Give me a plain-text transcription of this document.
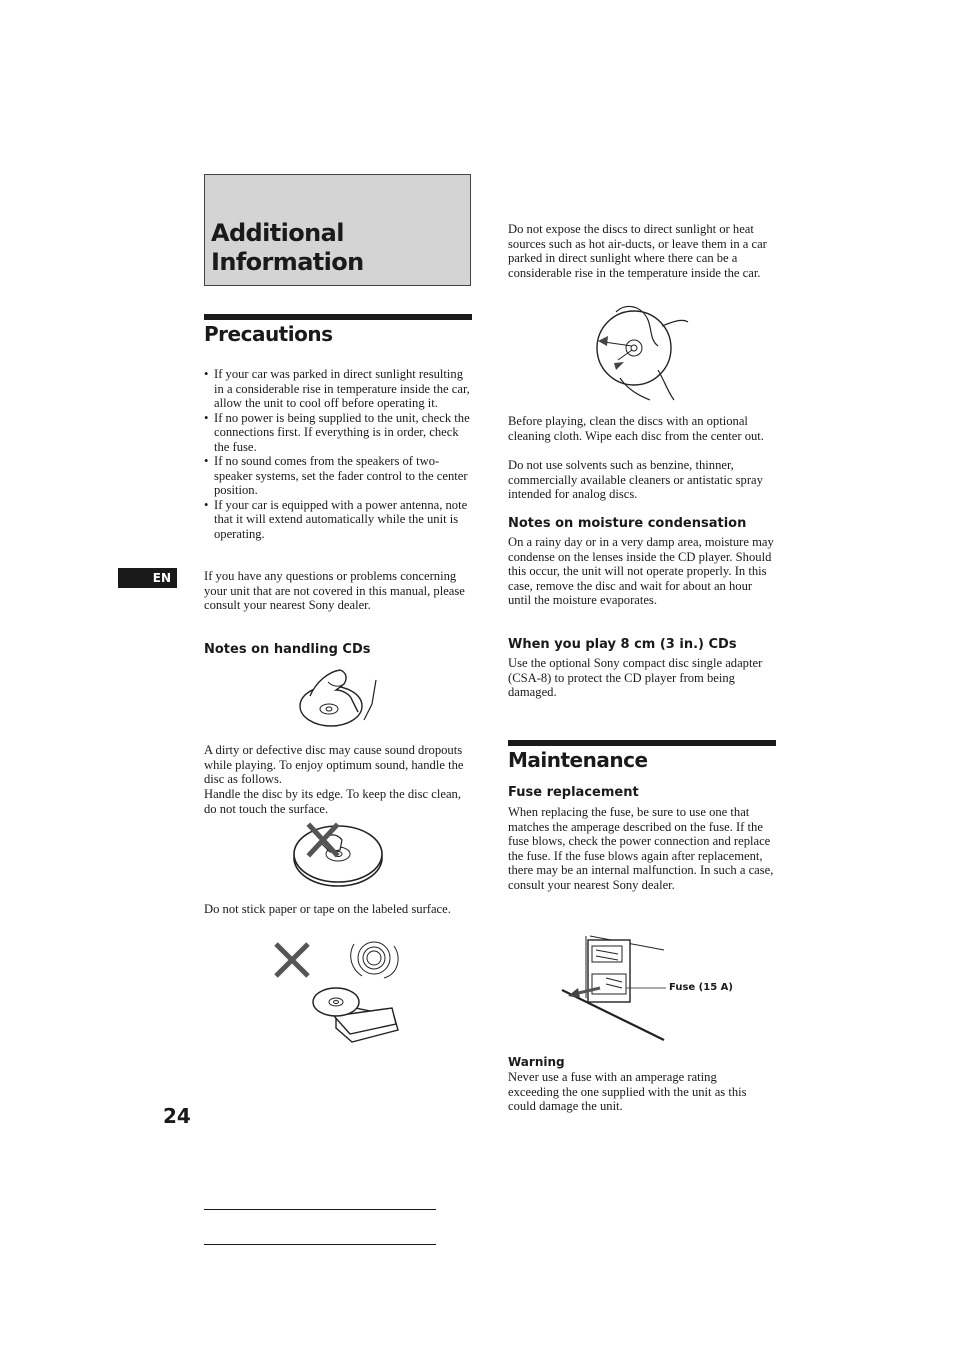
Additional Information
Precautions
• If your car was parked in direct sunlight resulting in a considerable rise in temperature inside the car, allow the unit to cool off before operating it.
• If no power is being supplied to the unit, check the connections first. If everything is in order, check the fuse.
• If no sound comes from the speakers of two-speaker systems, set the fader control to the center position.
• If your car is equipped with a power antenna, note that it will extend automatically while the unit is operating.
EN	If you have any questions or problems concerning your unit that are not covered in this manual, please consult your nearest Sony dealer.

Notes on handling CDs

A dirty or defective disc may cause sound dropouts while playing. To enjoy optimum sound, handle the disc as follows.

Handle the disc by its edge. To keep the disc clean, do not touch the surface.

Do not stick paper or tape on the labeled surface.

24

Do not expose the discs to direct sunlight or heat sources such as hot air-ducts, or leave them in a car parked in direct sunlight where there can be a considerable rise in the temperature inside the car.

Before playing, clean the discs with an optional cleaning cloth. Wipe each disc from the center out.

Do not use solvents such as benzine, thinner, commercially available cleaners or antistatic spray intended for analog discs.

Notes on moisture condensation

On a rainy day or in a very damp area, moisture may condense on the lenses inside the CD player. Should this occur, the unit will not operate properly. In this case, remove the disc and wait for about an hour until the moisture evaporates.

When you play 8 cm (3 in.) CDs

Use the optional Sony compact disc single adapter (CSA-8) to protect the CD player from being damaged.

Maintenance
Fuse replacement

When replacing the fuse, be sure to use one that matches the amperage described on the fuse. If the fuse blows, check the power connection and replace the fuse. If the fuse blows again after replacement, there may be an internal malfunction. In such a case, consult your nearest Sony dealer.

Fuse (15 A)
Warning

Never use a fuse with an amperage rating exceeding the one supplied with the unit as this could damage the unit.
